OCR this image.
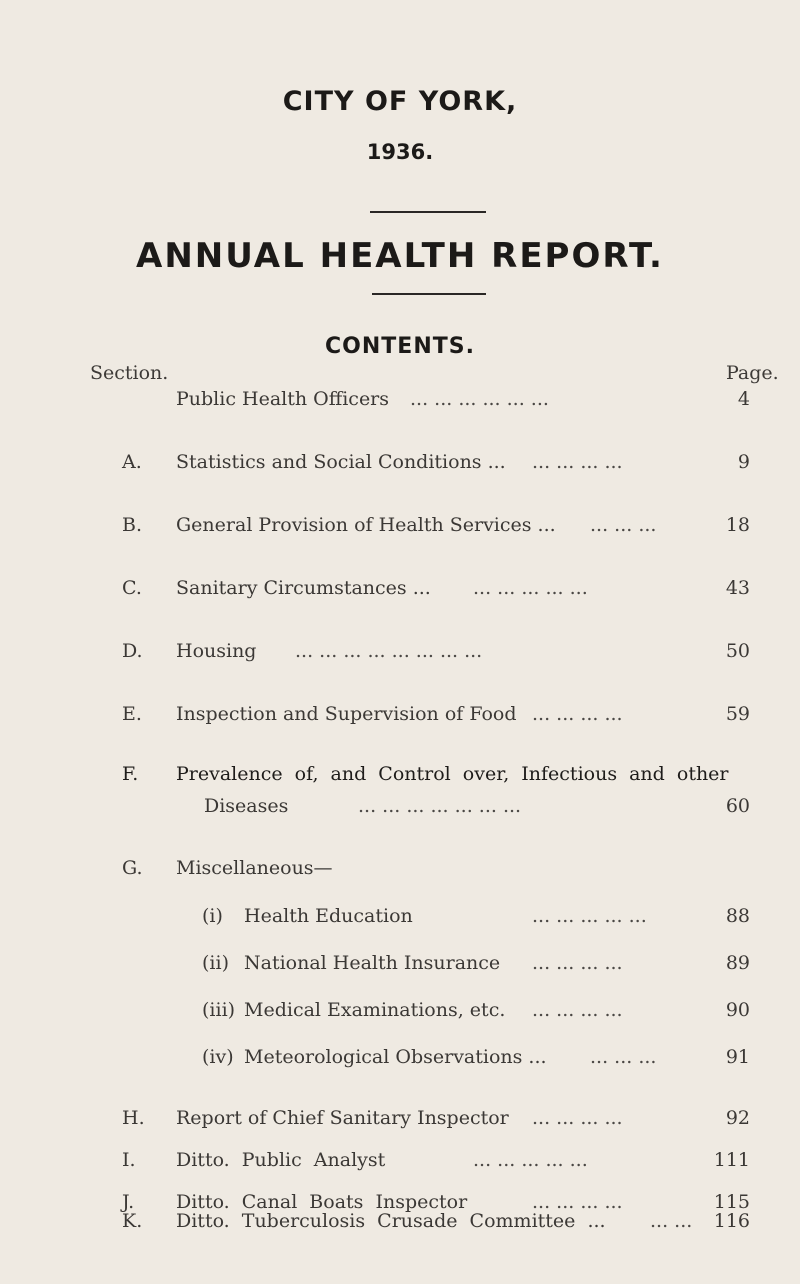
CITY OF YORK,
1936.
ANNUAL HEALTH REPORT.
CONTENTS.
Section.	Page.
Public Health Officers ... ... ... ... ... ...	4
A. Statistics and Social Conditions ... ... ... ... ...	9
B. General Provision of Health Services ... ... ... ...	18
C. Sanitary Circumstances ... ... ... ... ... ...	43
D. Housing ... ... ... ... ... ... ... ...	50
E. Inspection and Supervision of Food ... ... ... ...	59
F. Prevalence of, and Control over, Infectious and other
Diseases	... ... ... ... ... ... ...	60
G. Miscellaneous—
(i) Health Education	... ... ... ... ...	88
(ii) National Health Insurance ... ... ... ...	89
(iii) Medical Examinations, etc. ... ... ... ...	90
(iv) Meteorological Observations ... ... ... ...	91
H. Report of Chief Sanitary Inspector ... ... ... ...	92
I. Ditto. Public Analyst	... ... ... ... ...	111
J. Ditto. Canal Boats Inspector	... ... ... ...	115
K. Ditto. Tuberculosis Crusade Committee ... ... ... 116
